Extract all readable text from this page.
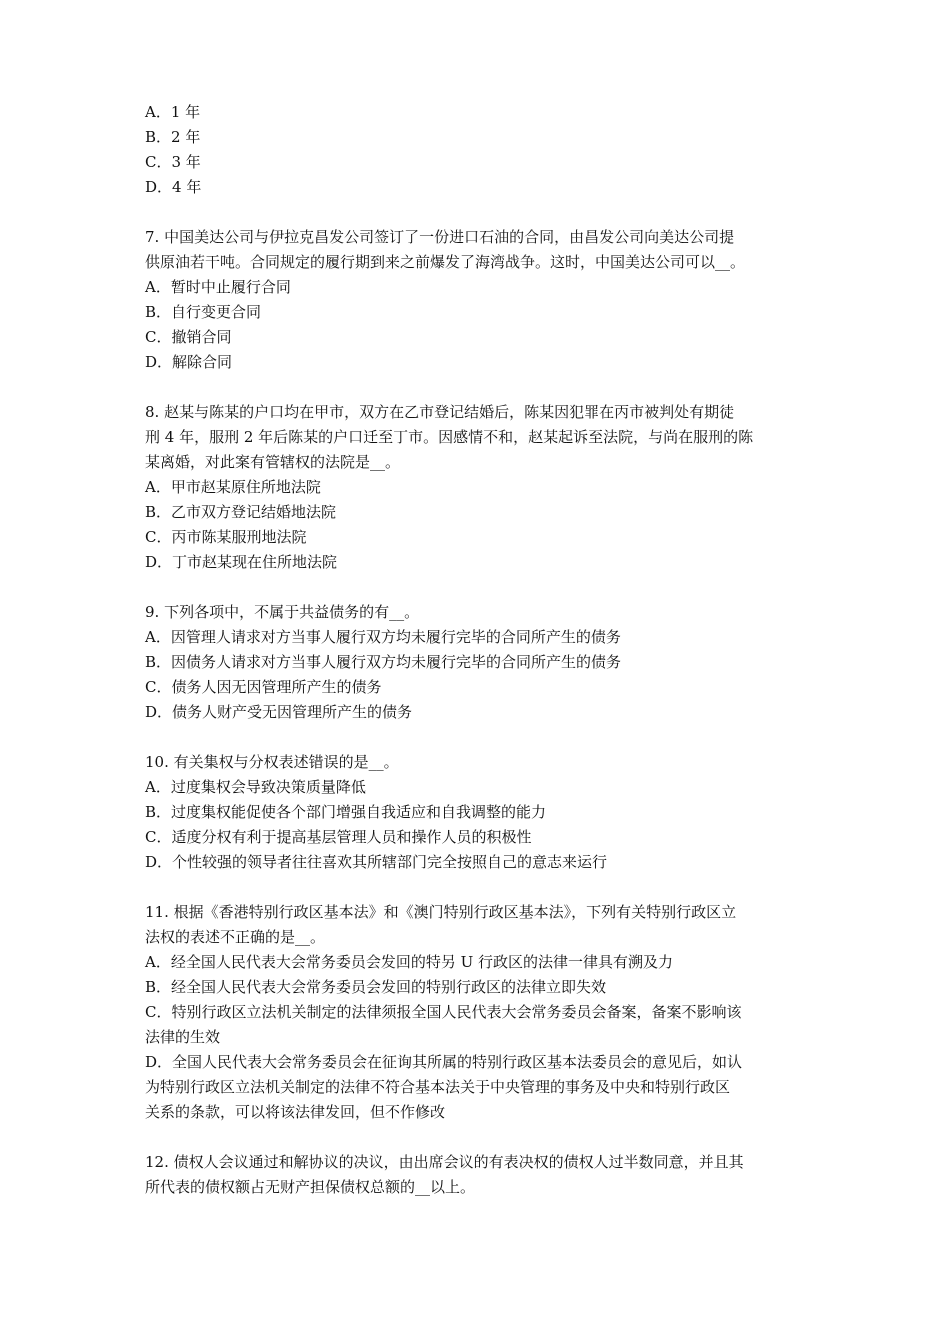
A．1 年
B．2 年
C．3 年
D．4 年
7. 中国美达公司与伊拉克昌发公司签订了一份进口石油的合同，由昌发公司向美达公司提
供原油若干吨。合同规定的履行期到来之前爆发了海湾战争。这时，中国美达公司可以__。
A．暂时中止履行合同
B．自行变更合同
C．撤销合同
D．解除合同
8. 赵某与陈某的户口均在甲市，双方在乙市登记结婚后，陈某因犯罪在丙市被判处有期徒
刑 4 年，服刑 2 年后陈某的户口迁至丁市。因感情不和，赵某起诉至法院，与尚在服刑的陈
某离婚，对此案有管辖权的法院是__。
A．甲市赵某原住所地法院
B．乙市双方登记结婚地法院
C．丙市陈某服刑地法院
D．丁市赵某现在住所地法院
9. 下列各项中，不属于共益债务的有__。
A．因管理人请求对方当事人履行双方均未履行完毕的合同所产生的债务
B．因债务人请求对方当事人履行双方均未履行完毕的合同所产生的债务
C．债务人因无因管理所产生的债务
D．债务人财产受无因管理所产生的债务
10. 有关集权与分权表述错误的是__。
A．过度集权会导致决策质量降低
B．过度集权能促使各个部门增强自我适应和自我调整的能力
C．适度分权有利于提高基层管理人员和操作人员的积极性
D．个性较强的领导者往往喜欢其所辖部门完全按照自己的意志来运行
11. 根据《香港特别行政区基本法》和《澳门特别行政区基本法》，下列有关特别行政区立
法权的表述不正确的是__。
A．经全国人民代表大会常务委员会发回的特另 U 行政区的法律一律具有溯及力
B．经全国人民代表大会常务委员会发回的特别行政区的法律立即失效
C．特别行政区立法机关制定的法律须报全国人民代表大会常务委员会备案，备案不影响该
法律的生效
D．全国人民代表大会常务委员会在征询其所属的特别行政区基本法委员会的意见后，如认
为特别行政区立法机关制定的法律不符合基本法关于中央管理的事务及中央和特别行政区
关系的条款，可以将该法律发回，但不作修改
12. 债权人会议通过和解协议的决议，由出席会议的有表决权的债权人过半数同意，并且其
所代表的债权额占无财产担保债权总额的__以上。
